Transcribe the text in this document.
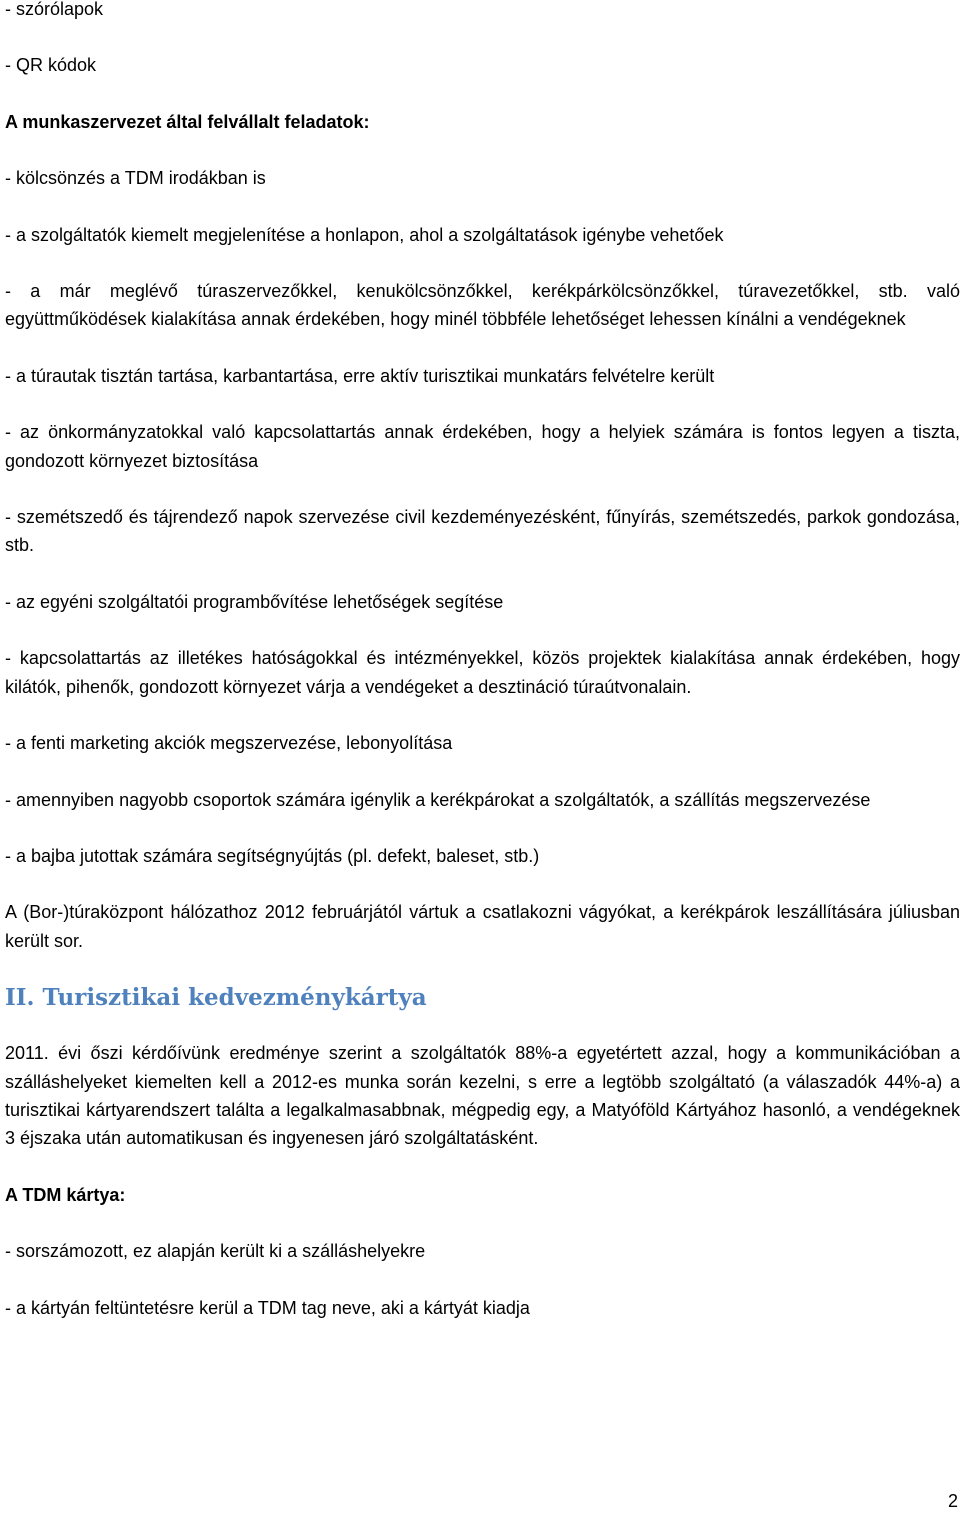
- szórólapok

- QR kódok

A munkaszervezet által felvállalt feladatok:

- kölcsönzés a TDM irodákban is

- a szolgáltatók kiemelt megjelenítése a honlapon, ahol a szolgáltatások igénybe vehetőek

- a már meglévő túraszervezőkkel, kenukölcsönzőkkel, kerékpárkölcsönzőkkel, túravezetőkkel, stb. való együttműködések kialakítása annak érdekében, hogy minél többféle lehetőséget lehessen kínálni a vendégeknek

- a túrautak tisztán tartása, karbantartása, erre aktív turisztikai munkatárs felvételre került

- az önkormányzatokkal való kapcsolattartás annak érdekében, hogy a helyiek számára is fontos legyen a tiszta, gondozott környezet biztosítása

- szemétszedő és tájrendező napok szervezése civil kezdeményezésként, fűnyírás, szemétszedés, parkok gondozása, stb.

- az egyéni szolgáltatói programbővítése lehetőségek segítése

- kapcsolattartás az illetékes hatóságokkal és intézményekkel, közös projektek kialakítása annak érdekében, hogy kilátók, pihenők, gondozott környezet várja a vendégeket a desztináció túraútvonalain.

- a fenti marketing akciók megszervezése, lebonyolítása

- amennyiben nagyobb csoportok számára igénylik a kerékpárokat a szolgáltatók, a szállítás megszervezése

- a bajba jutottak számára segítségnyújtás (pl. defekt, baleset, stb.)

A (Bor-)túraközpont hálózathoz 2012 februárjától vártuk a csatlakozni vágyókat, a kerékpárok leszállítására júliusban került sor.

II. Turisztikai kedvezménykártya

2011. évi őszi kérdőívünk eredménye szerint a szolgáltatók 88%-a egyetértett azzal, hogy a kommunikációban a szálláshelyeket kiemelten kell a 2012-es munka során kezelni, s erre a legtöbb szolgáltató (a válaszadók 44%-a) a turisztikai kártyarendszert találta a legalkalmasabbnak, mégpedig egy, a Matyóföld Kártyához hasonló, a vendégeknek 3 éjszaka után automatikusan és ingyenesen járó szolgáltatásként.

A TDM kártya:

- sorszámozott, ez alapján került ki a szálláshelyekre

- a kártyán feltüntetésre kerül a TDM tag neve, aki a kártyát kiadja

2
